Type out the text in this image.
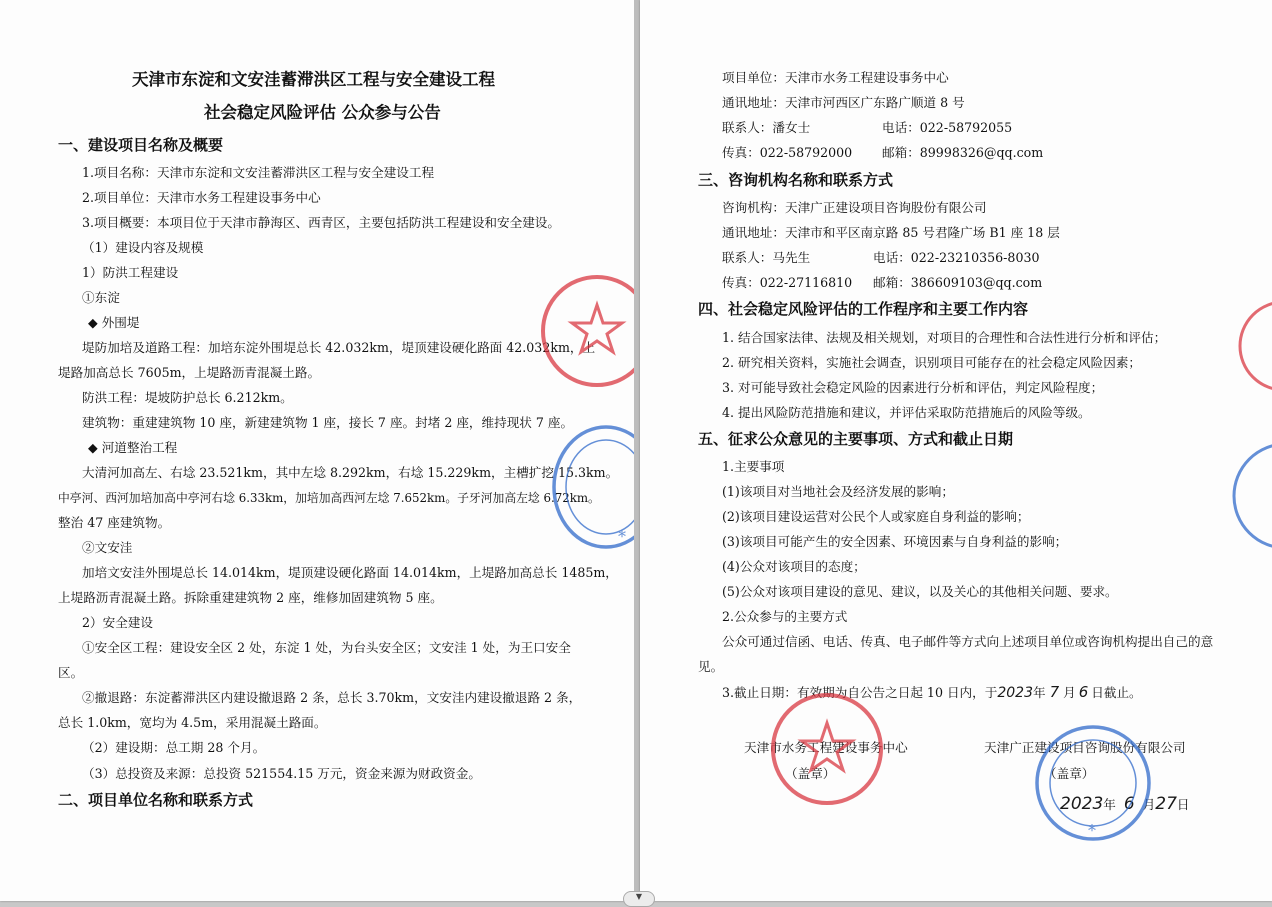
天津市东淀和文安洼蓄滞洪区工程与安全建设工程
社会稳定风险评估 公众参与公告
一、建设项目名称及概要
1.项目名称：天津市东淀和文安洼蓄滞洪区工程与安全建设工程
2.项目单位：天津市水务工程建设事务中心
3.项目概要：本项目位于天津市静海区、西青区，主要包括防洪工程建设和安全建设。
（1）建设内容及规模
1）防洪工程建设
①东淀
◆ 外围堤
堤防加培及道路工程：加培东淀外围堤总长 42.032km，堤顶建设硬化路面 42.032km，上
堤路加高总长 7605m，上堤路沥青混凝土路。
防洪工程：堤坡防护总长 6.212km。
建筑物：重建建筑物 10 座，新建建筑物 1 座，接长 7 座。封堵 2 座，维持现状 7 座。
◆ 河道整治工程
大清河加高左、右埝 23.521km，其中左埝 8.292km，右埝 15.229km，主槽扩挖 15.3km。
中亭河、西河加培加高中亭河右埝 6.33km，加培加高西河左埝 7.652km。子牙河加高左埝 6.72km。
整治 47 座建筑物。
②文安洼
加培文安洼外围堤总长 14.014km，堤顶建设硬化路面 14.014km，上堤路加高总长 1485m，
上堤路沥青混凝土路。拆除重建建筑物 2 座，维修加固建筑物 5 座。
2）安全建设
①安全区工程：建设安全区 2 处，东淀 1 处，为台头安全区；文安洼 1 处，为王口安全
区。
②撤退路：东淀蓄滞洪区内建设撤退路 2 条，总长 3.70km，文安洼内建设撤退路 2 条，
总长 1.0km，宽均为 4.5m，采用混凝土路面。
（2）建设期：总工期 28 个月。
（3）总投资及来源：总投资 521554.15 万元，资金来源为财政资金。
二、项目单位名称和联系方式
*
项目单位：天津市水务工程建设事务中心
通讯地址：天津市河西区广东路广顺道 8 号
联系人：潘女士	电话：022-58792055
传真：022-58792000 邮箱：89998326@qq.com
三、咨询机构名称和联系方式
咨询机构：天津广正建设项目咨询股份有限公司
通讯地址：天津市和平区南京路 85 号君隆广场 B1 座 18 层
联系人：马先生	电话：022-23210356-8030
传真：022-27116810 邮箱：386609103@qq.com
四、社会稳定风险评估的工作程序和主要工作内容
1. 结合国家法律、法规及相关规划，对项目的合理性和合法性进行分析和评估；
2. 研究相关资料，实施社会调查，识别项目可能存在的社会稳定风险因素；
3. 对可能导致社会稳定风险的因素进行分析和评估，判定风险程度；
4. 提出风险防范措施和建议，并评估采取防范措施后的风险等级。
五、征求公众意见的主要事项、方式和截止日期
1.主要事项
(1)该项目对当地社会及经济发展的影响；
(2)该项目建设运营对公民个人或家庭自身利益的影响；
(3)该项目可能产生的安全因素、环境因素与自身利益的影响；
(4)公众对该项目的态度；
(5)公众对该项目建设的意见、建议，以及关心的其他相关问题、要求。
2.公众参与的主要方式
公众可通过信函、电话、传真、电子邮件等方式向上述项目单位或咨询机构提出自己的意
见。
3.截止日期：有效期为自公告之日起 10 日内，于2023年 7 月 6 日截止。
天津市水务工程建设事务中心	天津广正建设项目咨询股份有限公司
（盖章）	（盖章）
2023年 6 月27日
*
▼
